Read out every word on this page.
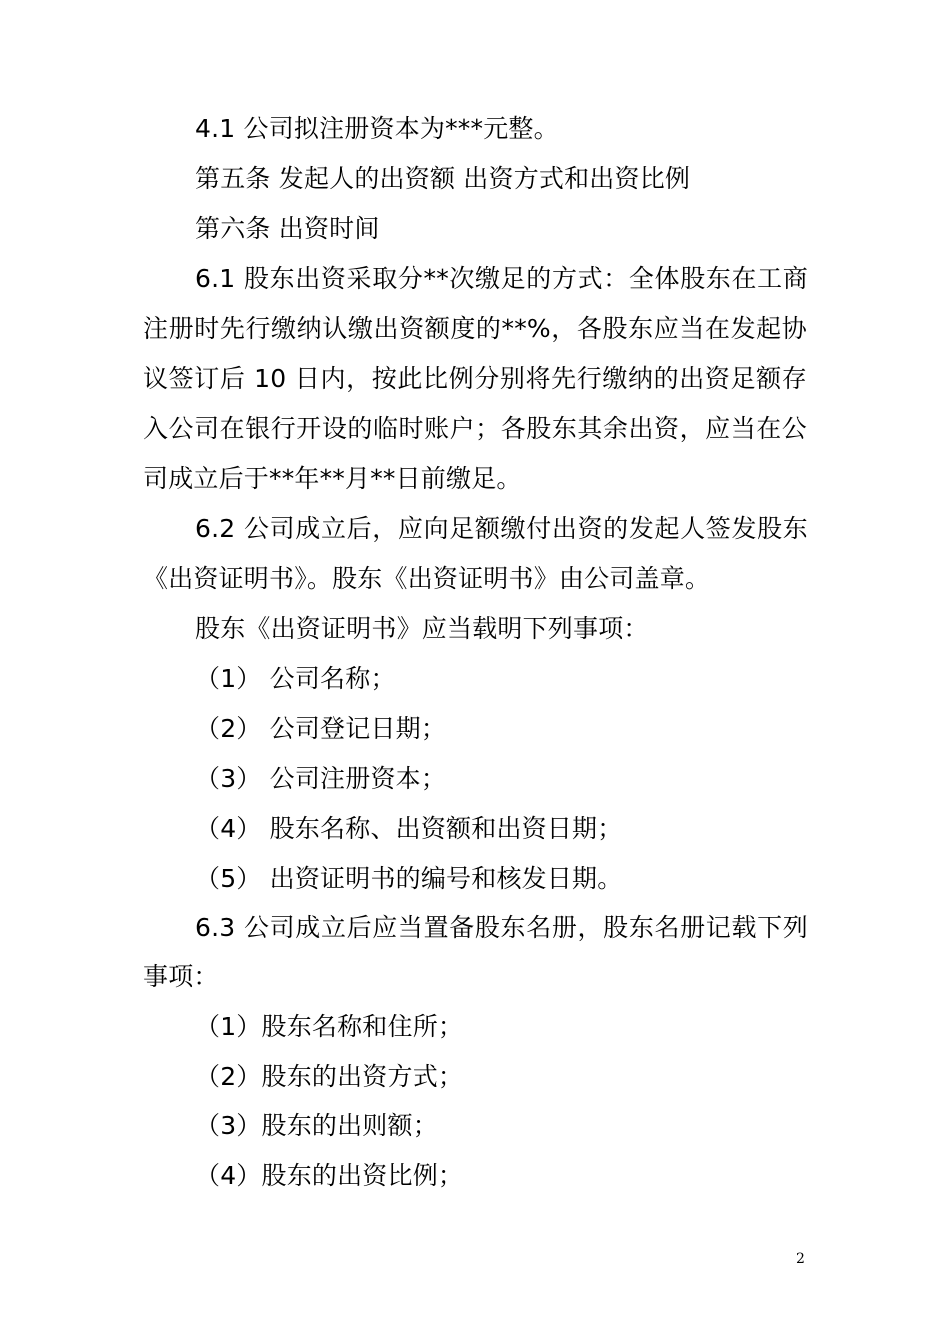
4.1 公司拟注册资本为***元整。
第五条 发起人的出资额 出资方式和出资比例
第六条 出资时间
6.1 股东出资采取分**次缴足的方式：全体股东在工商
注册时先行缴纳认缴出资额度的**%，各股东应当在发起协
议签订后 10 日内，按此比例分别将先行缴纳的出资足额存
入公司在银行开设的临时账户；各股东其余出资，应当在公
司成立后于**年**月**日前缴足。
6.2 公司成立后，应向足额缴付出资的发起人签发股东
《出资证明书》。股东《出资证明书》由公司盖章。
股东《出资证明书》应当载明下列事项：
（1） 公司名称；
（2） 公司登记日期；
（3） 公司注册资本；
（4） 股东名称、出资额和出资日期；
（5） 出资证明书的编号和核发日期。
6.3 公司成立后应当置备股东名册，股东名册记载下列
事项：
（1）股东名称和住所；
（2）股东的出资方式；
（3）股东的出则额；
（4）股东的出资比例；
2
